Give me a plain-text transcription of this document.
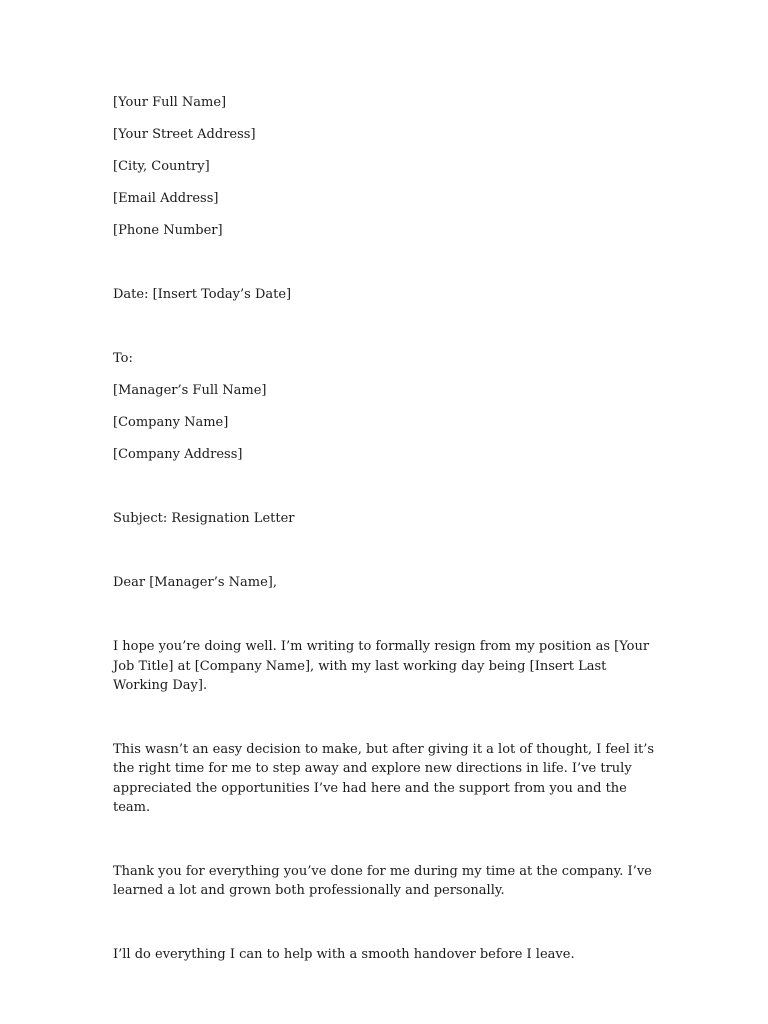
[Your Full Name]

[Your Street Address]

[City, Country]

[Email Address]

[Phone Number]

Date: [Insert Today’s Date]

To:

[Manager’s Full Name]

[Company Name]

[Company Address]

Subject: Resignation Letter

Dear [Manager’s Name],

I hope you’re doing well. I’m writing to formally resign from my position as [Your Job Title] at [Company Name], with my last working day being [Insert Last Working Day].

This wasn’t an easy decision to make, but after giving it a lot of thought, I feel it’s the right time for me to step away and explore new directions in life. I’ve truly appreciated the opportunities I’ve had here and the support from you and the team.

Thank you for everything you’ve done for me during my time at the company. I’ve learned a lot and grown both professionally and personally.

I’ll do everything I can to help with a smooth handover before I leave.
